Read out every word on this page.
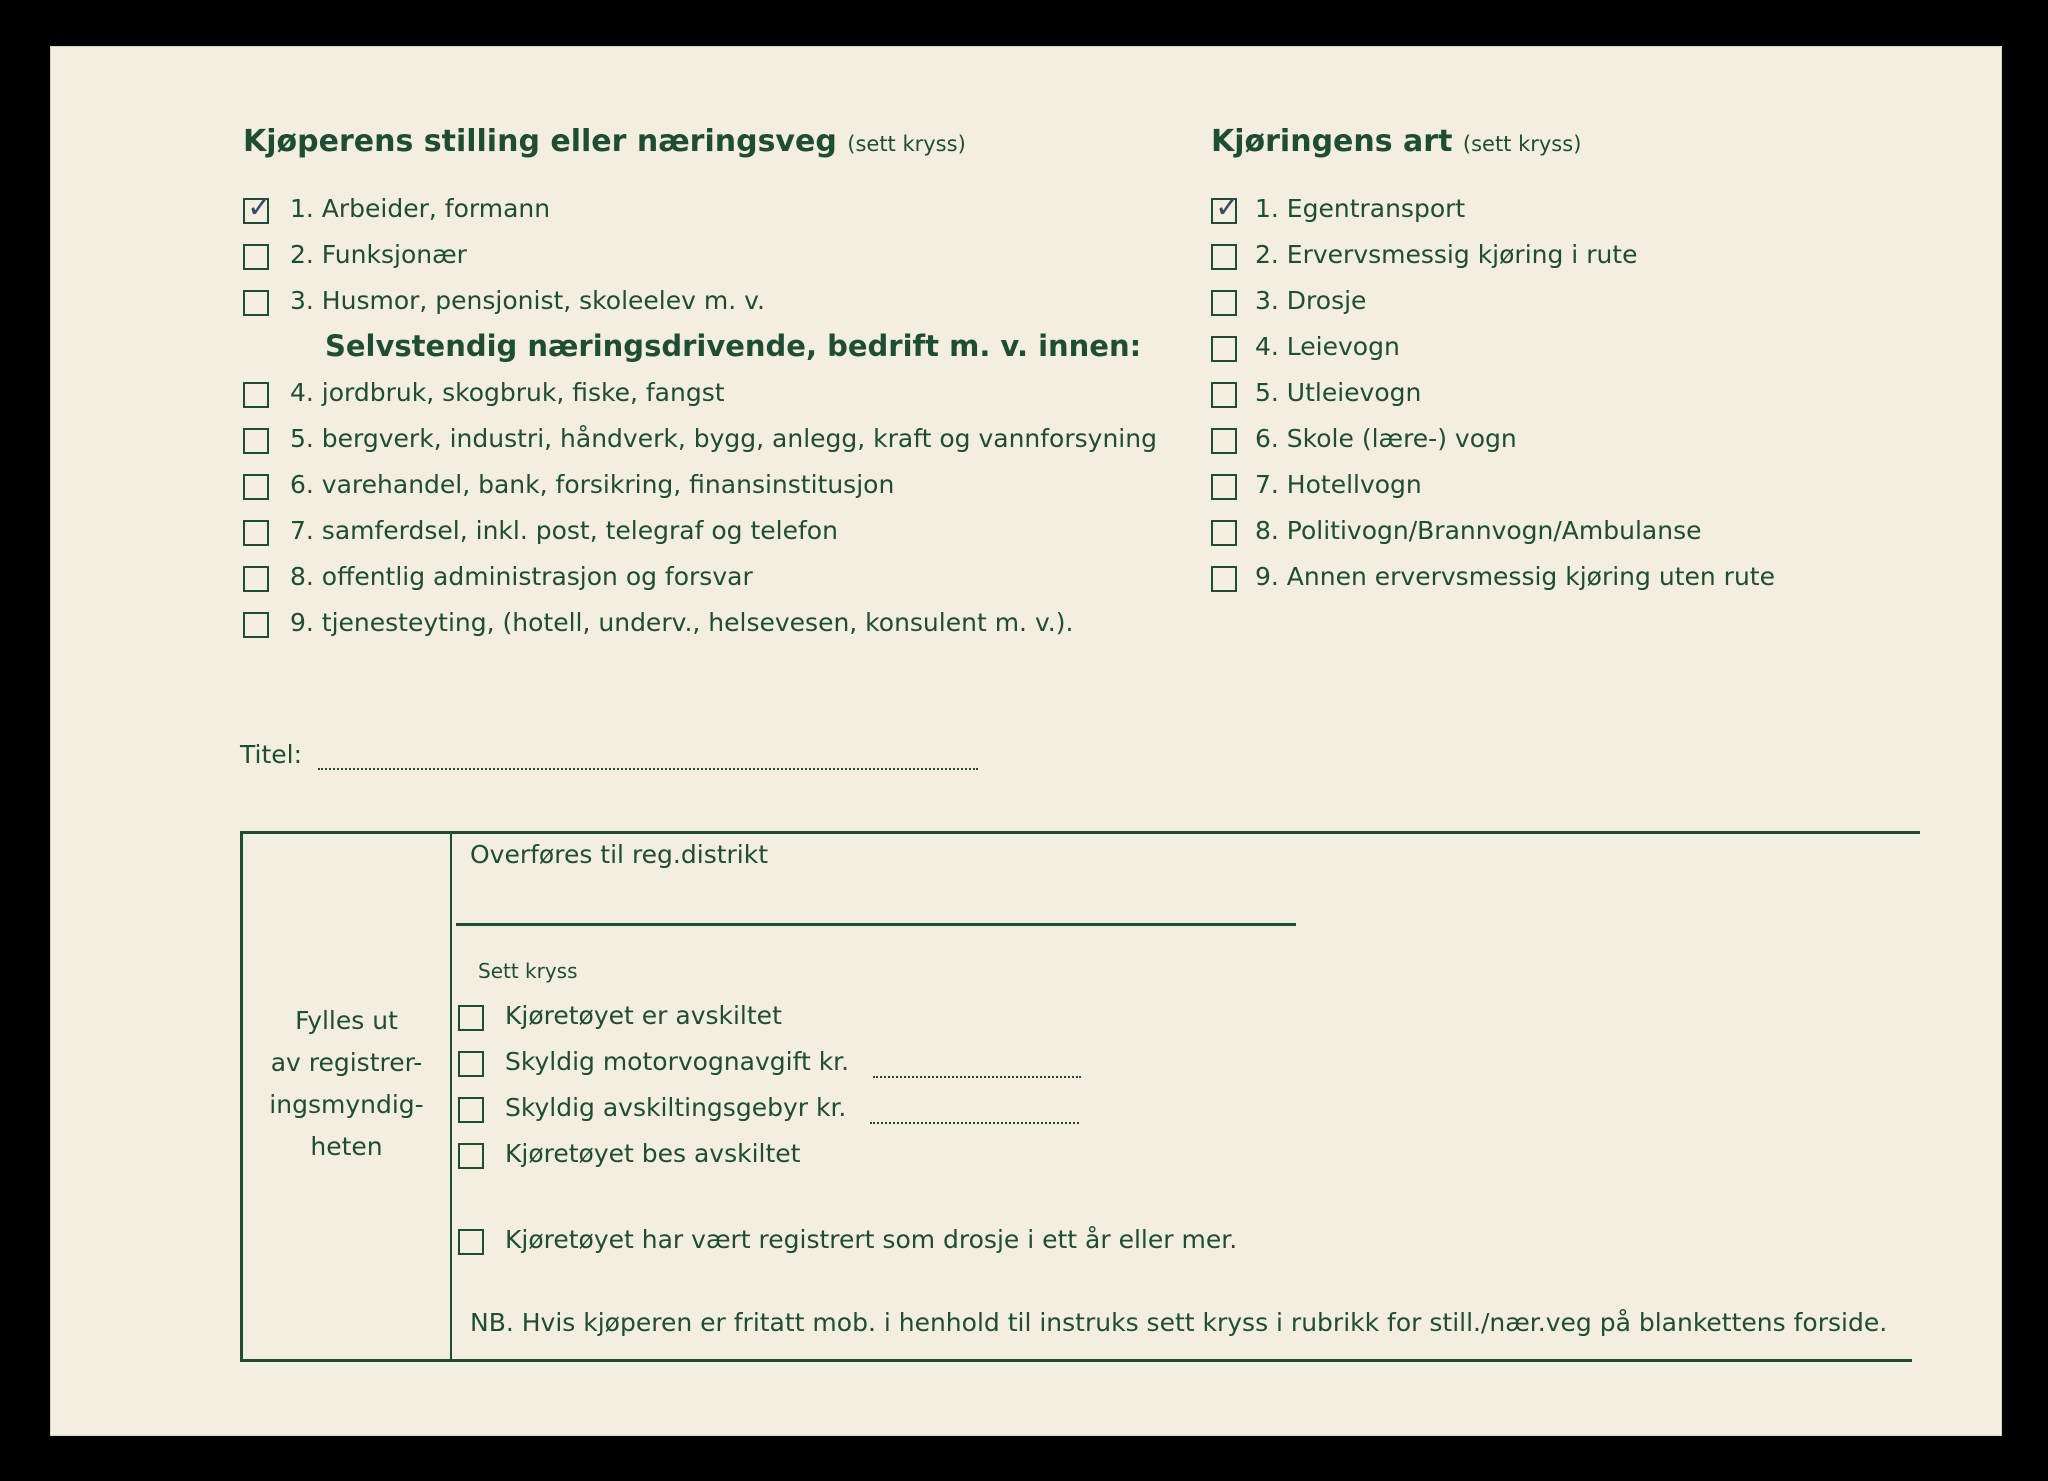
Kjøperens stilling eller næringsveg (sett kryss)
✓
1. Arbeider, formann
2. Funksjonær
3. Husmor, pensjonist, skoleelev m. v.
Selvstendig næringsdrivende, bedrift m. v. innen:
4. jordbruk, skogbruk, fiske, fangst
5. bergverk, industri, håndverk, bygg, anlegg, kraft og vannforsyning
6. varehandel, bank, forsikring, finansinstitusjon
7. samferdsel, inkl. post, telegraf og telefon
8. offentlig administrasjon og forsvar
9. tjenesteyting, (hotell, underv., helsevesen, konsulent m. v.).
Kjøringens art (sett kryss)
✓
1. Egentransport
2. Ervervsmessig kjøring i rute
3. Drosje
4. Leievogn
5. Utleievogn
6. Skole (lære-) vogn
7. Hotellvogn
8. Politivogn/Brannvogn/Ambulanse
9. Annen ervervsmessig kjøring uten rute
Titel:
Fylles ut
av registrer-
ingsmyndig-
heten
Overføres til reg.distrikt
Sett kryss
Kjøretøyet er avskiltet
Skyldig motorvognavgift kr.
Skyldig avskiltingsgebyr kr.
Kjøretøyet bes avskiltet
Kjøretøyet har vært registrert som drosje i ett år eller mer.
NB. Hvis kjøperen er fritatt mob. i henhold til instruks sett kryss i rubrikk for still./nær.veg på blankettens forside.
